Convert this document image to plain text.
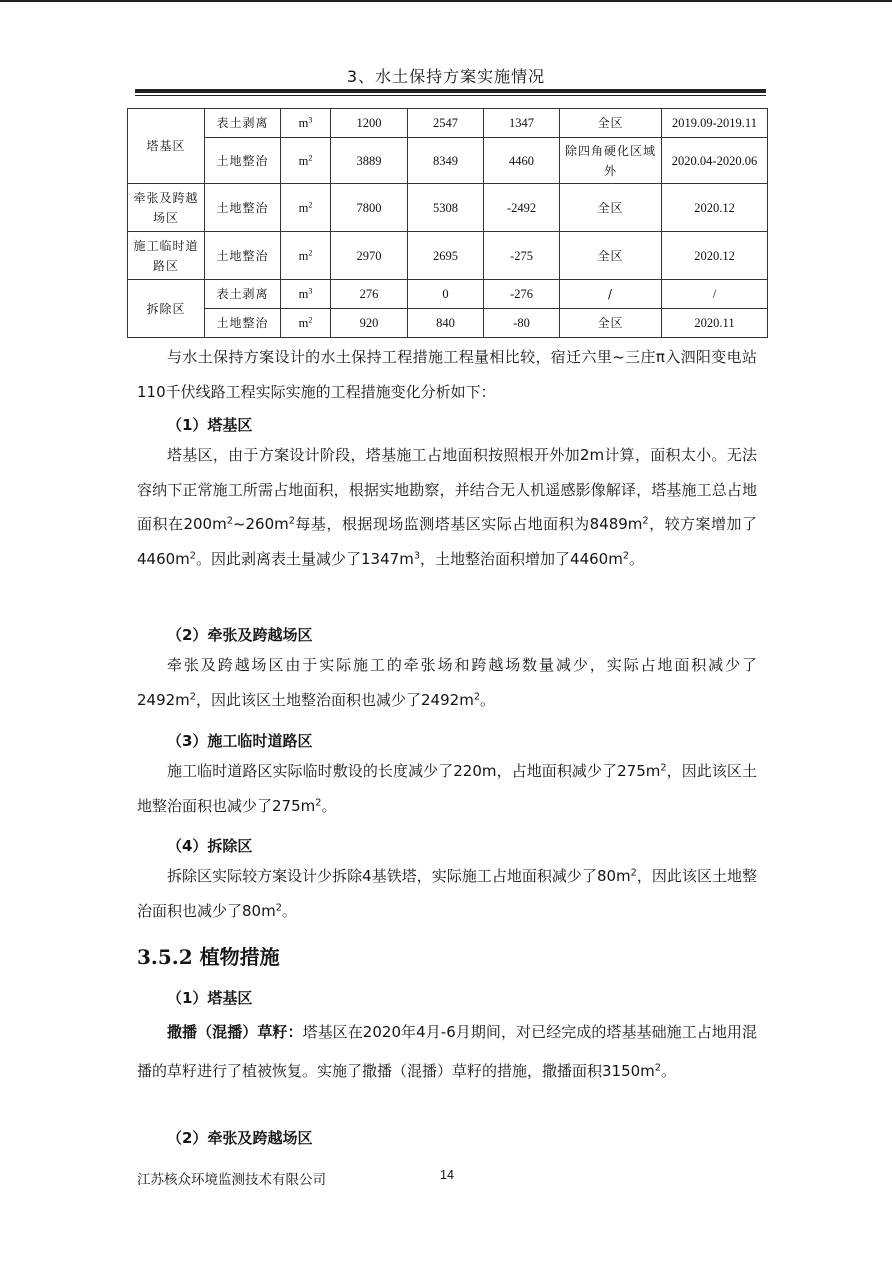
3、水土保持方案实施情况
塔基区	表土剥离	$m^3$	1200	2547	1347	全区	2019.09-2019.11
	土地整治	$m^2$	3889	8349	4460	除四角硬化区域外	2020.04-2020.06
牵张及跨越场区	土地整治	$m^2$	7800	5308	-2492	全区	2020.12
施工临时道路区	土地整治	$m^2$	2970	2695	-275	全区	2020.12
拆除区	表土剥离	$m^3$	276	0	-276	/	/
	土地整治	$m^2$	920	840	-80	全区	2020.11

与水土保持方案设计的水土保持工程措施工程量相比较，宿迁六里~三庄π入泗阳变电站110千伏线路工程实际实施的工程措施变化分析如下：

（1）塔基区

塔基区，由于方案设计阶段，塔基施工占地面积按照根开外加2m计算，面积太小。无法容纳下正常施工所需占地面积，根据实地勘察，并结合无人机遥感影像解译，塔基施工总占地面积在$200m^2\sim 260m^2$每基，根据现场监测塔基区实际占地面积为$8489m^2$，较方案增加了$4460m^2$。因此剥离表土量减少了$1347m^3$，土地整治面积增加了$4460m^2$。

（2）牵张及跨越场区

牵张及跨越场区由于实际施工的牵张场和跨越场数量减少，实际占地面积减少了$2492m^2$，因此该区土地整治面积也减少了$2492m^2$。

（3）施工临时道路区

施工临时道路区实际临时敷设的长度减少了220m，占地面积减少了$275m^2$，因此该区土地整治面积也减少了$275m^2$。

（4）拆除区

拆除区实际较方案设计少拆除4基铁塔，实际施工占地面积减少了$80m^2$，因此该区土地整治面积也减少了$80m^2$。

3.5.2 植物措施

（1）塔基区

撒播（混播）草籽：塔基区在2020年4月-6月期间，对已经完成的塔基基础施工占地用混播的草籽进行了植被恢复。实施了撒播（混播）草籽的措施，撒播面积$3150m^2$。

（2）牵张及跨越场区

江苏核众环境监测技术有限公司	14
